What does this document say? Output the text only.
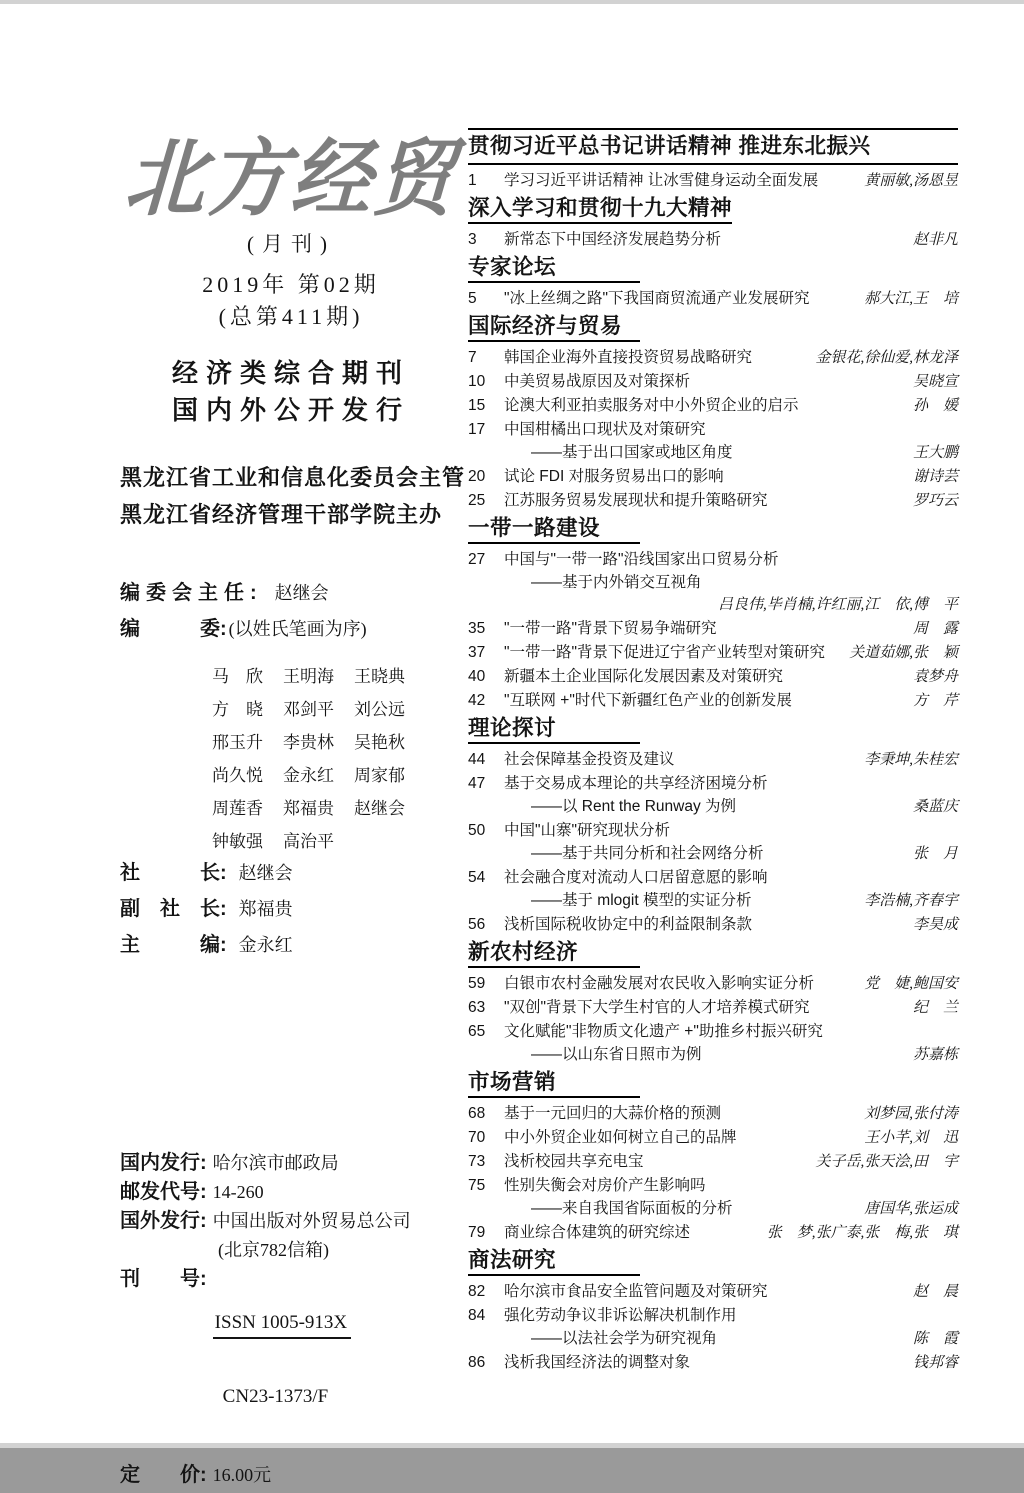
北方经贸
(月刊)
2019年 第02期
(总第411期)
经济类综合期刊
国内外公开发行
黑龙江省工业和信息化委员会主管
黑龙江省经济管理干部学院主办
编委会主任: 赵继会
编　　　委: (以姓氏笔画为序)
马　欣	王明海	王晓典
方　晓	邓剑平	刘公远
邢玉升	李贵林	吴艳秋
尚久悦	金永红	周家郁
周莲香	郑福贵	赵继会
钟敏强	高治平
社　　　长: 赵继会
副　社　长: 郑福贵
主　　　编: 金永红
国内发行: 哈尔滨市邮政局
邮发代号: 14-260
国外发行: 中国出版对外贸易总公司
(北京782信箱)
刊　　号:

$\frac{\text{ISSN 1005-913X}}{CN23-1373/F}$

定　　价: 16.00元
贯彻习近平总书记讲话精神 推进东北振兴
1	学习习近平讲话精神 让冰雪健身运动全面发展	黄丽敏,汤恩昱
深入学习和贯彻十九大精神
3	新常态下中国经济发展趋势分析	赵非凡
专家论坛
5	"冰上丝绸之路"下我国商贸流通产业发展研究	郝大江,王　培
国际经济与贸易
7	韩国企业海外直接投资贸易战略研究	金银花,徐仙爱,林龙泽
10	中美贸易战原因及对策探析	吴晓宣
15	论澳大利亚拍卖服务对中小外贸企业的启示	孙　媛
17	中国柑橘出口现状及对策研究
——基于出口国家或地区角度	王大鹏
20	试论 FDI 对服务贸易出口的影响	谢诗芸
25	江苏服务贸易发展现状和提升策略研究	罗巧云
一带一路建设
27	中国与"一带一路"沿线国家出口贸易分析
——基于内外销交互视角
吕良伟,毕肖楠,许红丽,江　依,傅　平
35	"一带一路"背景下贸易争端研究	周　露
37	"一带一路"背景下促进辽宁省产业转型对策研究	关道茹娜,张　颖
40	新疆本土企业国际化发展因素及对策研究	袁梦舟
42	"互联网 +"时代下新疆红色产业的创新发展	方　芹
理论探讨
44	社会保障基金投资及建议	李秉坤,朱桂宏
47	基于交易成本理论的共享经济困境分析
——以 Rent the Runway 为例	桑蓝庆
50	中国"山寨"研究现状分析
——基于共同分析和社会网络分析	张　月
54	社会融合度对流动人口居留意愿的影响
——基于 mlogit 模型的实证分析	李浩楠,齐春宇
56	浅析国际税收协定中的利益限制条款	李昊成
新农村经济
59	白银市农村金融发展对农民收入影响实证分析	党　婕,鲍国安
63	"双创"背景下大学生村官的人才培养模式研究	纪　兰
65	文化赋能"非物质文化遗产 +"助推乡村振兴研究
——以山东省日照市为例	苏嘉栋
市场营销
68	基于一元回归的大蒜价格的预测	刘梦园,张付涛
70	中小外贸企业如何树立自己的品牌	王小芊,刘　迅
73	浅析校园共享充电宝	关子岳,张天浍,田　宇
75	性别失衡会对房价产生影响吗
——来自我国省际面板的分析	唐国华,张运成
79	商业综合体建筑的研究综述	张　梦,张广泰,张　梅,张　琪
商法研究
82	哈尔滨市食品安全监管问题及对策研究	赵　晨
84	强化劳动争议非诉讼解决机制作用
——以法社会学为研究视角	陈　霞
86	浅析我国经济法的调整对象	钱邦睿
